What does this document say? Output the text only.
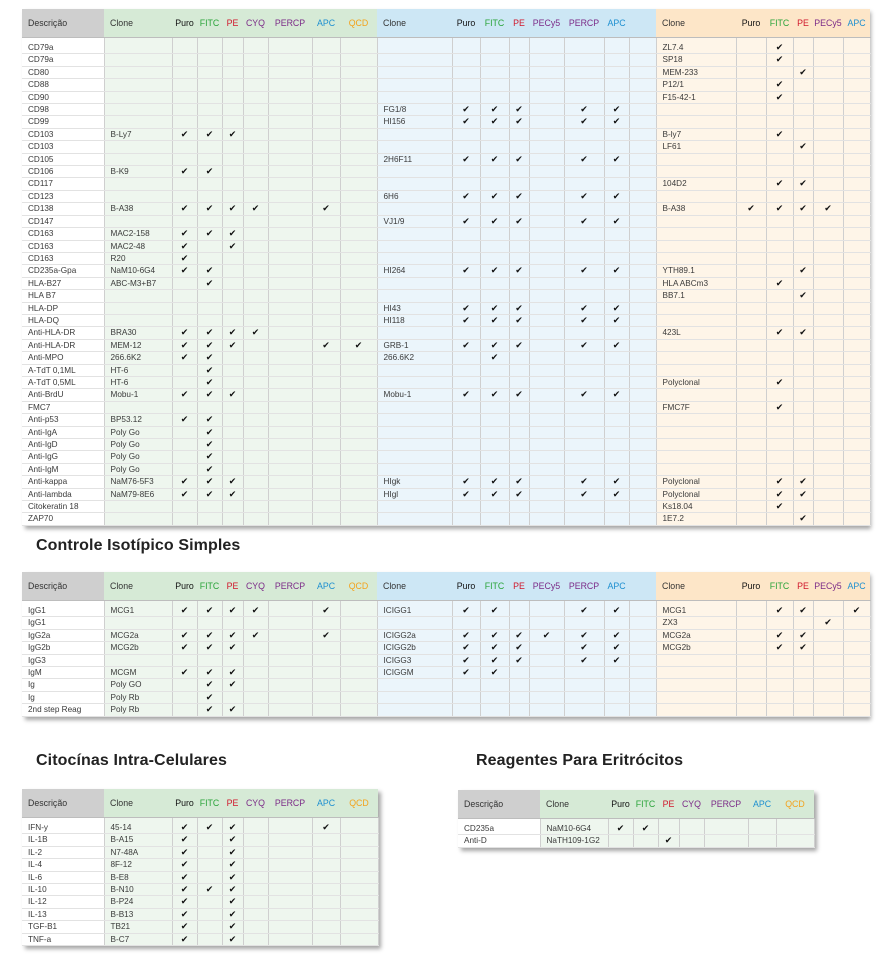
Descrição	Clone	Puro	FITC	PE	CYQ	PERCP	APC	QCD	Clone	Puro	FITC	PE	PECy5	PERCP	APC		Clone	Puro	FITC	PE	PECy5	APC

CD79a																	ZL7.4		✔			
CD79a																	SP18		✔			
CD80																	MEM-233			✔		
CD88																	P12/1		✔			
CD90																	F15-42-1		✔			
CD98									FG1/8	✔	✔	✔		✔	✔							
CD99									HI156	✔	✔	✔		✔	✔							
CD103	B-Ly7	✔	✔	✔													B-ly7		✔			
CD103																	LF61			✔		
CD105									2H6F11	✔	✔	✔		✔	✔							
CD106	B-K9	✔	✔																			
CD117																	104D2		✔	✔		
CD123									6H6	✔	✔	✔		✔	✔							
CD138	B-A38	✔	✔	✔	✔		✔										B-A38	✔	✔	✔	✔	
CD147									VJ1/9	✔	✔	✔		✔	✔							
CD163	MAC2-158	✔	✔	✔																		
CD163	MAC2-48	✔		✔																		
CD163	R20	✔																				
CD235a-Gpa	NaM10-6G4	✔	✔						HI264	✔	✔	✔		✔	✔		YTH89.1			✔		
HLA-B27	ABC-M3+B7		✔														HLA ABCm3		✔			
HLA B7																	BB7.1			✔		
HLA-DP									HI43	✔	✔	✔		✔	✔							
HLA-DQ									HI118	✔	✔	✔		✔	✔							
Anti-HLA-DR	BRA30	✔	✔	✔	✔												423L		✔	✔		
Anti-HLA-DR	MEM-12	✔	✔	✔			✔	✔	GRB-1	✔	✔	✔		✔	✔							
Anti-MPO	266.6K2	✔	✔						266.6K2		✔											
A-TdT 0,1ML	HT-6		✔																			
A-TdT 0,5ML	HT-6		✔														Polyclonal		✔			
Anti-BrdU	Mobu-1	✔	✔	✔					Mobu-1	✔	✔	✔		✔	✔							
FMC7																	FMC7F		✔			
Anti-p53	BP53.12	✔	✔																			
Anti-IgA	Poly Go		✔																			
Anti-IgD	Poly Go		✔																			
Anti-IgG	Poly Go		✔																			
Anti-IgM	Poly Go		✔																			
Anti-kappa	NaM76-5F3	✔	✔	✔					HIgk	✔	✔	✔		✔	✔		Polyclonal		✔	✔		
Anti-lambda	NaM79-8E6	✔	✔	✔					HIgl	✔	✔	✔		✔	✔		Polyclonal		✔	✔		
Citokeratin 18																	Ks18.04		✔			
ZAP70																	1E7.2			✔		
Controle Isotípico Simples
Descrição	Clone	Puro	FITC	PE	CYQ	PERCP	APC	QCD	Clone	Puro	FITC	PE	PECy5	PERCP	APC		Clone	Puro	FITC	PE	PECy5	APC

IgG1	MCG1	✔	✔	✔	✔		✔		ICIGG1	✔	✔			✔	✔		MCG1		✔	✔		✔
IgG1																	ZX3				✔	
IgG2a	MCG2a	✔	✔	✔	✔		✔		ICIGG2a	✔	✔	✔	✔	✔	✔		MCG2a		✔	✔		
IgG2b	MCG2b	✔	✔	✔					ICIGG2b	✔	✔	✔		✔	✔		MCG2b		✔	✔		
IgG3									ICIGG3	✔	✔	✔		✔	✔							
IgM	MCGM	✔	✔	✔					ICIGGM	✔	✔											
Ig	Poly GO		✔	✔																		
Ig	Poly Rb		✔																			
2nd step Reag	Poly Rb		✔	✔																		
Citocínas Intra-Celulares	Reagentes Para Eritrócitos
Descrição	Clone	Puro	FITC	PE	CYQ	PERCP	APC	QCD

IFN-y	45-14	✔	✔	✔			✔	
IL-1B	B-A15	✔		✔				
IL-2	N7-48A	✔		✔				
IL-4	8F-12	✔		✔				
IL-6	B-E8	✔		✔				
IL-10	B-N10	✔	✔	✔				
IL-12	B-P24	✔		✔				
IL-13	B-B13	✔		✔				
TGF-B1	TB21	✔		✔				
TNF-a	B-C7	✔		✔				
Descrição	Clone	Puro	FITC	PE	CYQ	PERCP	APC	QCD

CD235a	NaM10-6G4	✔	✔					
Anti-D	NaTH109-1G2			✔				
